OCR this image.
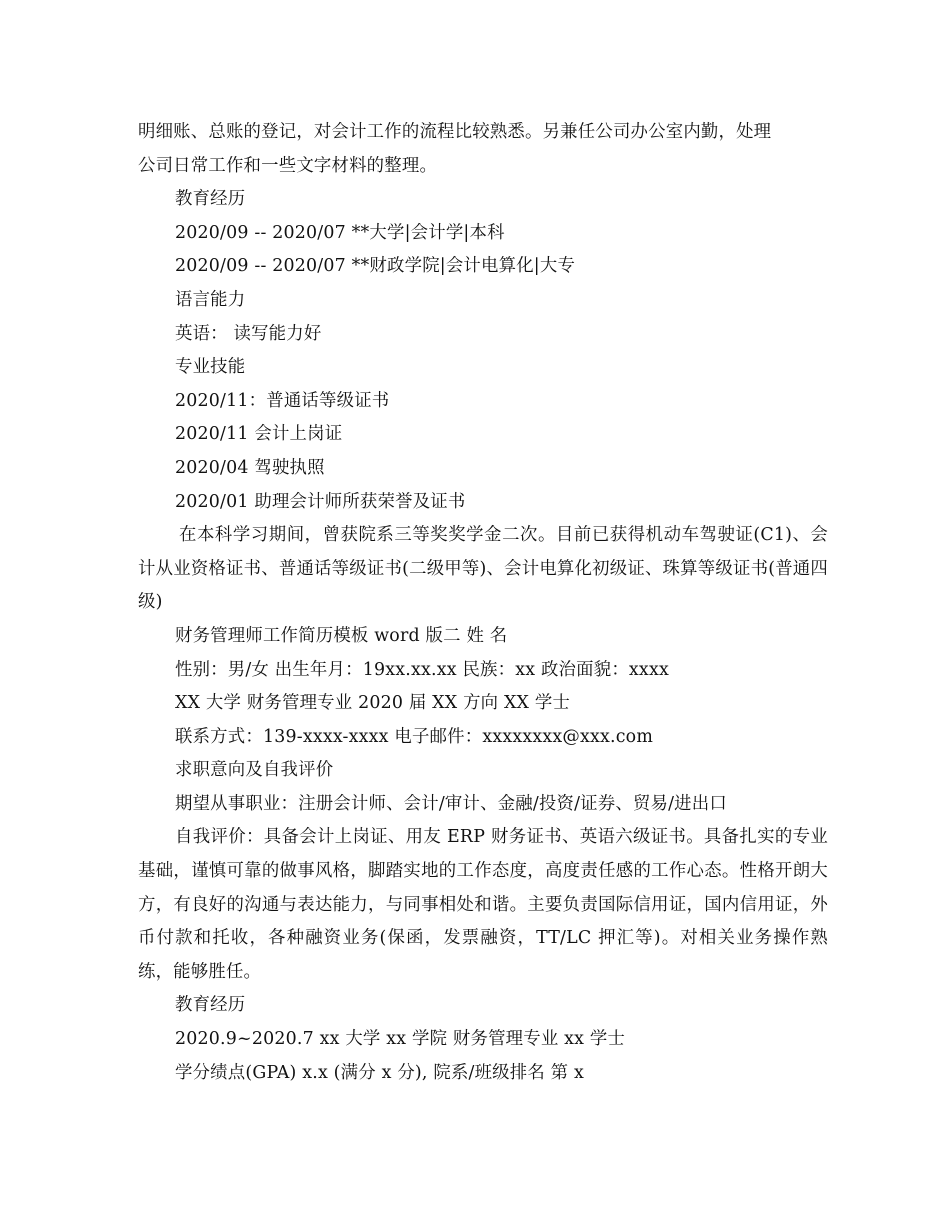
明细账、总账的登记，对会计工作的流程比较熟悉。另兼任公司办公室内勤，处理
公司日常工作和一些文字材料的整理。
教育经历
2020/09 -- 2020/07 **大学|会计学|本科
2020/09 -- 2020/07 **财政学院|会计电算化|大专
语言能力
英语： 读写能力好
专业技能
2020/11：普通话等级证书
2020/11 会计上岗证
2020/04 驾驶执照
2020/01 助理会计师所获荣誉及证书
在本科学习期间，曾获院系三等奖奖学金二次。目前已获得机动车驾驶证(C1)、会计从业资格证书、普通话等级证书(二级甲等)、会计电算化初级证、珠算等级证书(普通四级)
财务管理师工作简历模板 word 版二 姓 名
性别：男/女 出生年月：19xx.xx.xx 民族：xx 政治面貌：xxxx
XX 大学 财务管理专业 2020 届 XX 方向 XX 学士
联系方式：139-xxxx-xxxx 电子邮件：xxxxxxxx@xxx.com
求职意向及自我评价
期望从事职业：注册会计师、会计/审计、金融/投资/证券、贸易/进出口
自我评价：具备会计上岗证、用友 ERP 财务证书、英语六级证书。具备扎实的专业基础，谨慎可靠的做事风格，脚踏实地的工作态度，高度责任感的工作心态。性格开朗大方，有良好的沟通与表达能力，与同事相处和谐。主要负责国际信用证，国内信用证，外币付款和托收，各种融资业务(保函，发票融资，TT/LC 押汇等)。对相关业务操作熟练，能够胜任。
教育经历
2020.9~2020.7 xx 大学 xx 学院 财务管理专业 xx 学士
学分绩点(GPA) x.x (满分 x 分), 院系/班级排名 第 x
